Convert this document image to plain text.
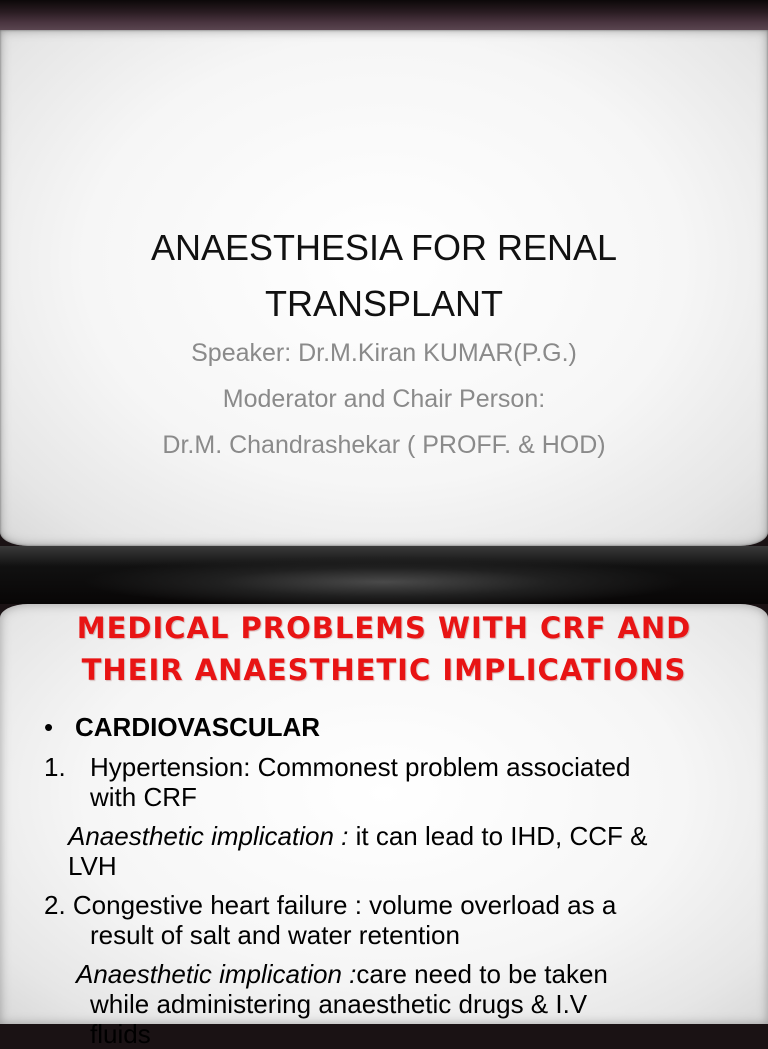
ANAESTHESIA FOR RENAL
TRANSPLANT
Speaker: Dr.M.Kiran KUMAR(P.G.)
Moderator and Chair Person:
Dr.M. Chandrashekar ( PROFF. & HOD)
MEDICAL PROBLEMS WITH CRF AND
THEIR ANAESTHETIC IMPLICATIONS
• CARDIOVASCULAR
1. Hypertension: Commonest problem associated
with CRF
Anaesthetic implication : it can lead to IHD, CCF &
LVH
2. Congestive heart failure : volume overload as a
result of salt and water retention
Anaesthetic implication :care need to be taken
while administering anaesthetic drugs & I.V
fluids
